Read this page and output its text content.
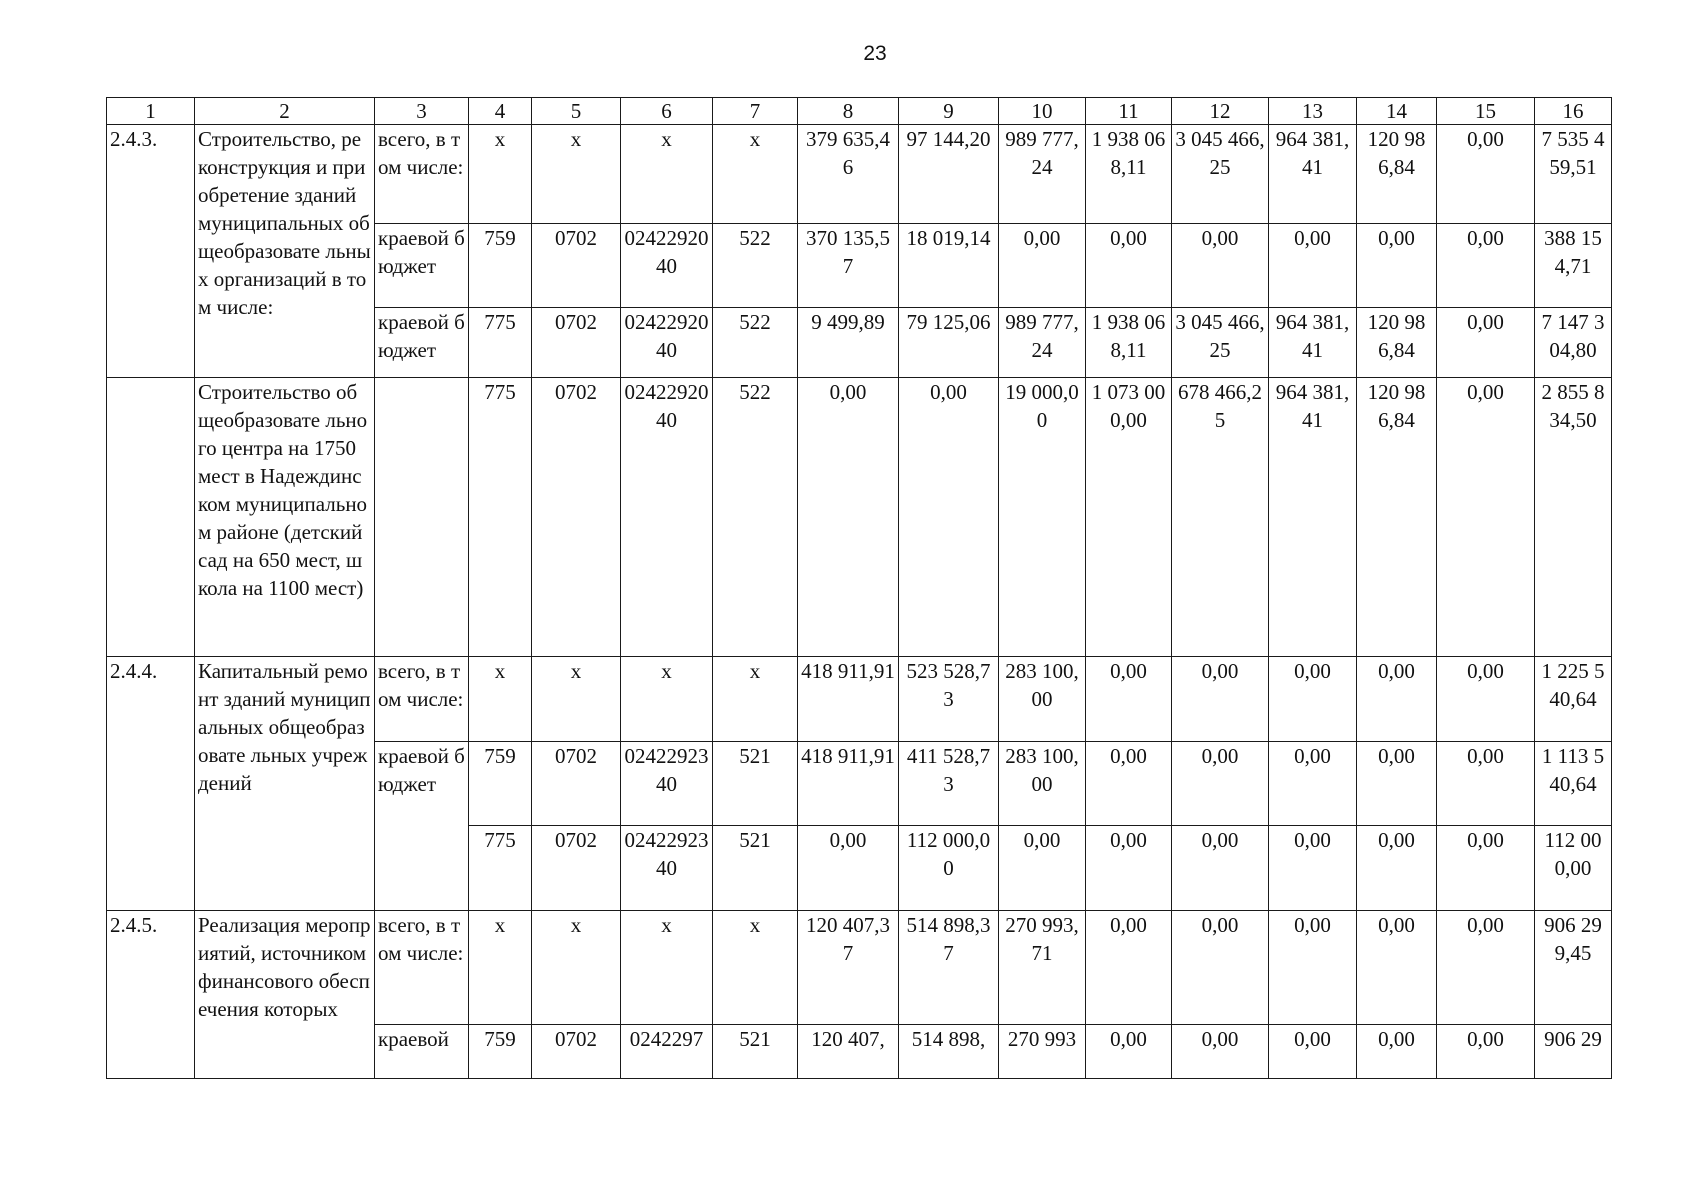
23
1	2	3	4	5	6	7	8	9	10	11	12	13	14	15	16
2.4.3.	Строительство, реконструкция и приобретение зданий муниципальных общеобразовате льных организаций в том числе:	всего, в том числе:	х	х	х	х	379 635,46	97 144,20	989 777,24	1 938 068,11	3 045 466,25	964 381,41	120 986,84	0,00	7 535 459,51
		краевой бюджет	759	0702	0242292040	522	370 135,57	18 019,14	0,00	0,00	0,00	0,00	0,00	0,00	388 154,71
		краевой бюджет	775	0702	0242292040	522	9 499,89	79 125,06	989 777,24	1 938 068,11	3 045 466,25	964 381,41	120 986,84	0,00	7 147 304,80
	Строительство общеобразовате льного центра на 1750 мест в Надеждинском муниципальном районе (детский сад на 650 мест, школа на 1100 мест)		775	0702	0242292040	522	0,00	0,00	19 000,00	1 073 000,00	678 466,25	964 381,41	120 986,84	0,00	2 855 834,50
2.4.4.	Капитальный ремонт зданий муниципальных общеобразовате льных учреждений	всего, в том числе:	х	х	х	х	418 911,91	523 528,73	283 100,00	0,00	0,00	0,00	0,00	0,00	1 225 540,64
		краевой бюджет	759	0702	0242292340	521	418 911,91	411 528,73	283 100,00	0,00	0,00	0,00	0,00	0,00	1 113 540,64
			775	0702	0242292340	521	0,00	112 000,00	0,00	0,00	0,00	0,00	0,00	0,00	112 000,00
2.4.5.	Реализация мероприятий, источником финансового обеспечения которых	всего, в том числе:	х	х	х	х	120 407,37	514 898,37	270 993,71	0,00	0,00	0,00	0,00	0,00	906 299,45
		краевой	759	0702	0242297	521	120 407,	514 898,	270 993	0,00	0,00	0,00	0,00	0,00	906 29
